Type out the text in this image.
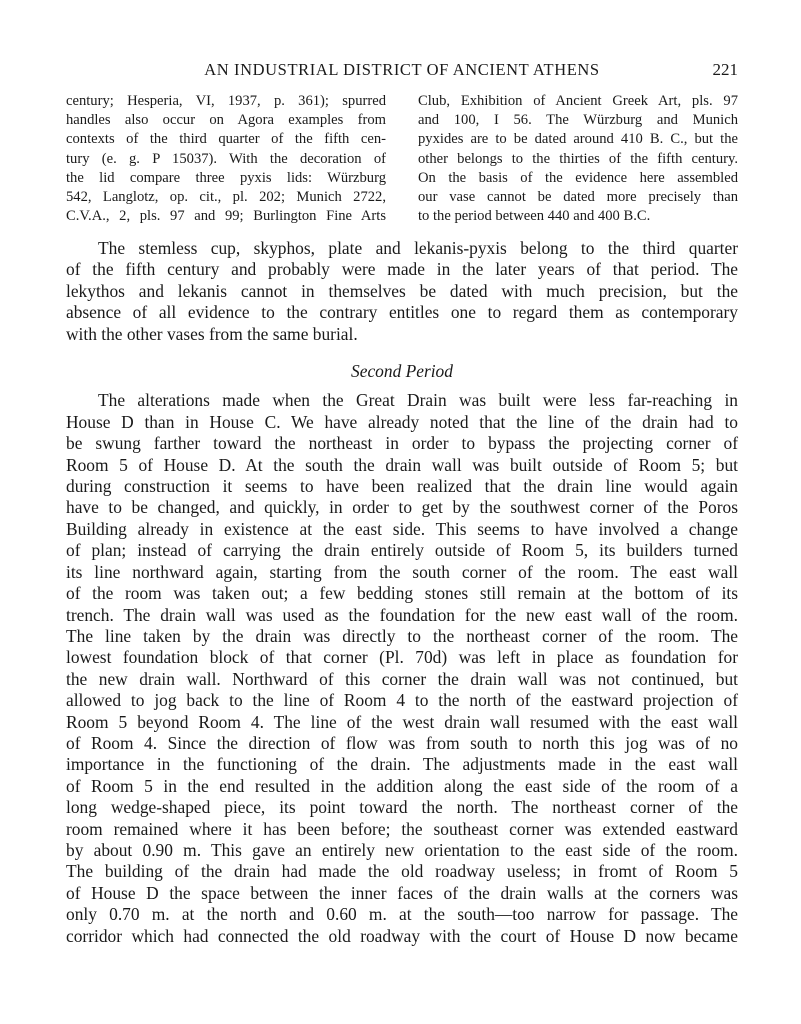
AN INDUSTRIAL DISTRICT OF ANCIENT ATHENS	221
century; Hesperia, VI, 1937, p. 361); spurred
handles also occur on Agora examples from
contexts of the third quarter of the fifth cen-
tury (e. g. P 15037). With the decoration of
the lid compare three pyxis lids: Würzburg
542, Langlotz, op. cit., pl. 202; Munich 2722,
C.V.A., 2, pls. 97 and 99; Burlington Fine Arts
Club, Exhibition of Ancient Greek Art, pls. 97
and 100, I 56. The Würzburg and Munich
pyxides are to be dated around 410 B. C., but the
other belongs to the thirties of the fifth century.
On the basis of the evidence here assembled
our vase cannot be dated more precisely than
to the period between 440 and 400 B.C.
The stemless cup, skyphos, plate and lekanis-pyxis belong to the third quarter
of the fifth century and probably were made in the later years of that period. The
lekythos and lekanis cannot in themselves be dated with much precision, but the
absence of all evidence to the contrary entitles one to regard them as contemporary
with the other vases from the same burial.
Second Period
The alterations made when the Great Drain was built were less far-reaching in
House D than in House C. We have already noted that the line of the drain had to
be swung farther toward the northeast in order to bypass the projecting corner of
Room 5 of House D. At the south the drain wall was built outside of Room 5; but
during construction it seems to have been realized that the drain line would again
have to be changed, and quickly, in order to get by the southwest corner of the Poros
Building already in existence at the east side. This seems to have involved a change
of plan; instead of carrying the drain entirely outside of Room 5, its builders turned
its line northward again, starting from the south corner of the room. The east wall
of the room was taken out; a few bedding stones still remain at the bottom of its
trench. The drain wall was used as the foundation for the new east wall of the room.
The line taken by the drain was directly to the northeast corner of the room. The
lowest foundation block of that corner (Pl. 70d) was left in place as foundation for
the new drain wall. Northward of this corner the drain wall was not continued, but
allowed to jog back to the line of Room 4 to the north of the eastward projection of
Room 5 beyond Room 4. The line of the west drain wall resumed with the east wall
of Room 4. Since the direction of flow was from south to north this jog was of no
importance in the functioning of the drain. The adjustments made in the east wall
of Room 5 in the end resulted in the addition along the east side of the room of a
long wedge-shaped piece, its point toward the north. The northeast corner of the
room remained where it has been before; the southeast corner was extended eastward
by about 0.90 m. This gave an entirely new orientation to the east side of the room.
The building of the drain had made the old roadway useless; in fromt of Room 5
of House D the space between the inner faces of the drain walls at the corners was
only 0.70 m. at the north and 0.60 m. at the south—too narrow for passage. The
corridor which had connected the old roadway with the court of House D now became
